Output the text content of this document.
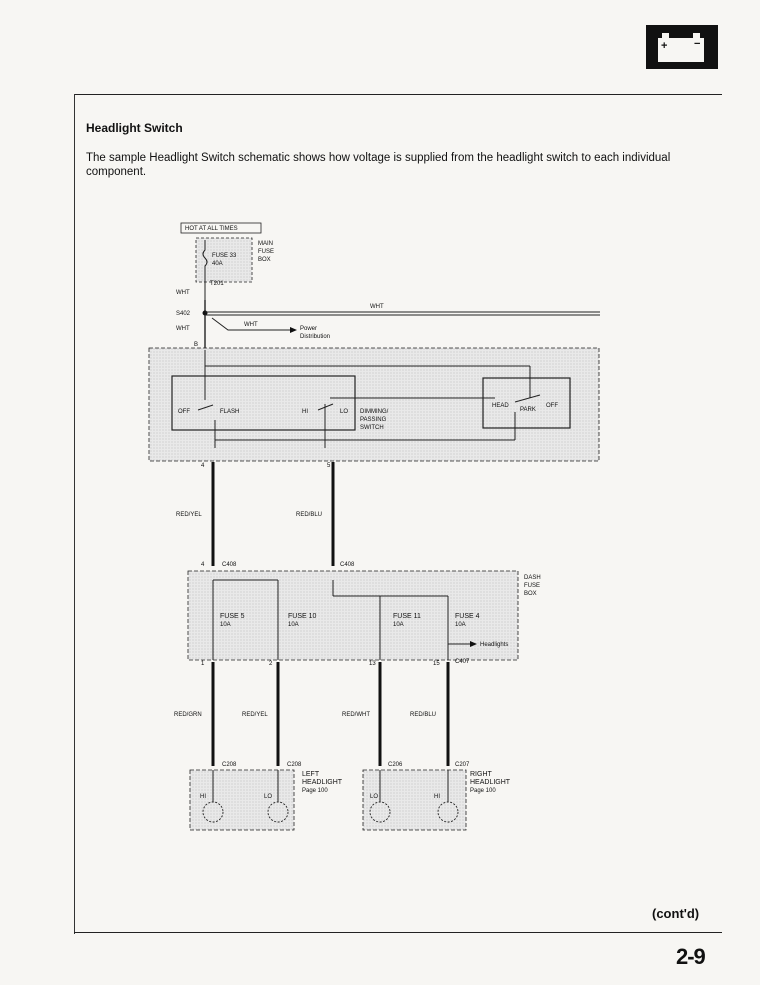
+ −
Headlight Switch
The sample Headlight Switch schematic shows how voltage is supplied from the headlight switch to each individual component.
HOT AT ALL TIMES
MAIN
FUSE
BOX
FUSE 33
40A
T201
WHT
S402
WHT
WHT
Power
Distribution
WHT
B
OFF	FLASH	HI	LO DIMMING/
PASSING
SWITCH
HEAD
PARK
OFF
4	5
RED/YEL	RED/BLU
4	C408	C408
DASH
FUSE
BOX
FUSE 5
10A
FUSE 10
10A
FUSE 11
10A
FUSE 4
10A
Headlights
1	2	13	15	C407
RED/GRN	RED/YEL	RED/WHT	RED/BLU
C208	C208	C206	C207
LEFT
HEADLIGHT
Page 100
HI	LO
RIGHT
HEADLIGHT
Page 100
LO	HI
(cont'd)
2-9
